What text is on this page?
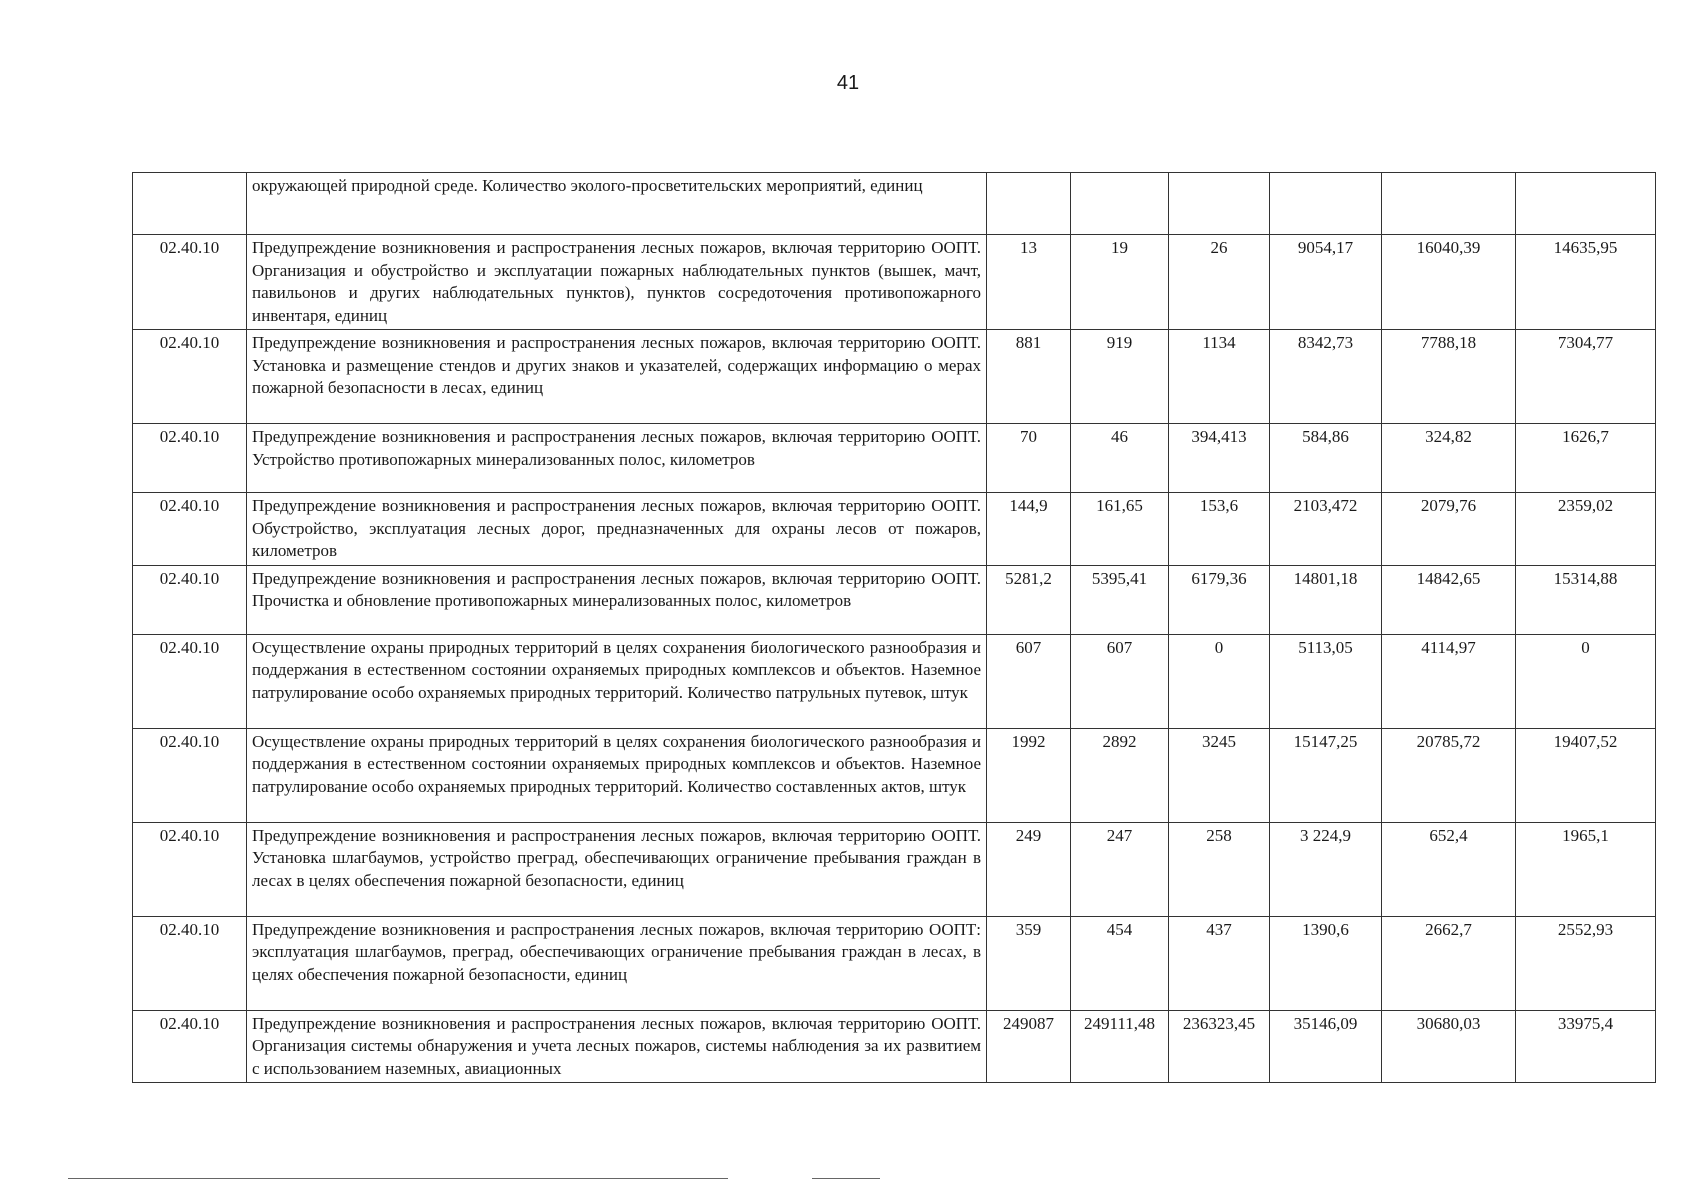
41
	окружающей природной среде. Количество эколого-просветительских мероприятий, единиц						
02.40.10	Предупреждение возникновения и распространения лесных пожаров, включая территорию ООПТ. Организация и обустройство и эксплуатации пожарных наблюдательных пунктов (вышек, мачт, павильонов и других наблюдательных пунктов), пунктов сосредоточения противопожарного инвентаря, единиц	13	19	26	9054,17	16040,39	14635,95
02.40.10	Предупреждение возникновения и распространения лесных пожаров, включая территорию ООПТ. Установка и размещение стендов и других знаков и указателей, содержащих информацию о мерах пожарной безопасности в лесах, единиц	881	919	1134	8342,73	7788,18	7304,77
02.40.10	Предупреждение возникновения и распространения лесных пожаров, включая территорию ООПТ. Устройство противопожарных минерализованных полос, километров	70	46	394,413	584,86	324,82	1626,7
02.40.10	Предупреждение возникновения и распространения лесных пожаров, включая территорию ООПТ. Обустройство, эксплуатация лесных дорог, предназначенных для охраны лесов от пожаров, километров	144,9	161,65	153,6	2103,472	2079,76	2359,02
02.40.10	Предупреждение возникновения и распространения лесных пожаров, включая территорию ООПТ. Прочистка и обновление противопожарных минерализованных полос, километров	5281,2	5395,41	6179,36	14801,18	14842,65	15314,88
02.40.10	Осуществление охраны природных территорий в целях сохранения биологического разнообразия и поддержания в естественном состоянии охраняемых природных комплексов и объектов. Наземное патрулирование особо охраняемых природных территорий. Количество патрульных путевок, штук	607	607	0	5113,05	4114,97	0
02.40.10	Осуществление охраны природных территорий в целях сохранения биологического разнообразия и поддержания в естественном состоянии охраняемых природных комплексов и объектов. Наземное патрулирование особо охраняемых природных территорий. Количество составленных актов, штук	1992	2892	3245	15147,25	20785,72	19407,52
02.40.10	Предупреждение возникновения и распространения лесных пожаров, включая территорию ООПТ. Установка шлагбаумов, устройство преград, обеспечивающих ограничение пребывания граждан в лесах в целях обеспечения пожарной безопасности, единиц	249	247	258	3 224,9	652,4	1965,1
02.40.10	Предупреждение возникновения и распространения лесных пожаров, включая территорию ООПТ: эксплуатация шлагбаумов, преград, обеспечивающих ограничение пребывания граждан в лесах, в целях обеспечения пожарной безопасности, единиц	359	454	437	1390,6	2662,7	2552,93
02.40.10	Предупреждение возникновения и распространения лесных пожаров, включая территорию ООПТ. Организация системы обнаружения и учета лесных пожаров, системы наблюдения за их развитием с использованием наземных, авиационных	249087	249111,48	236323,45	35146,09	30680,03	33975,4
